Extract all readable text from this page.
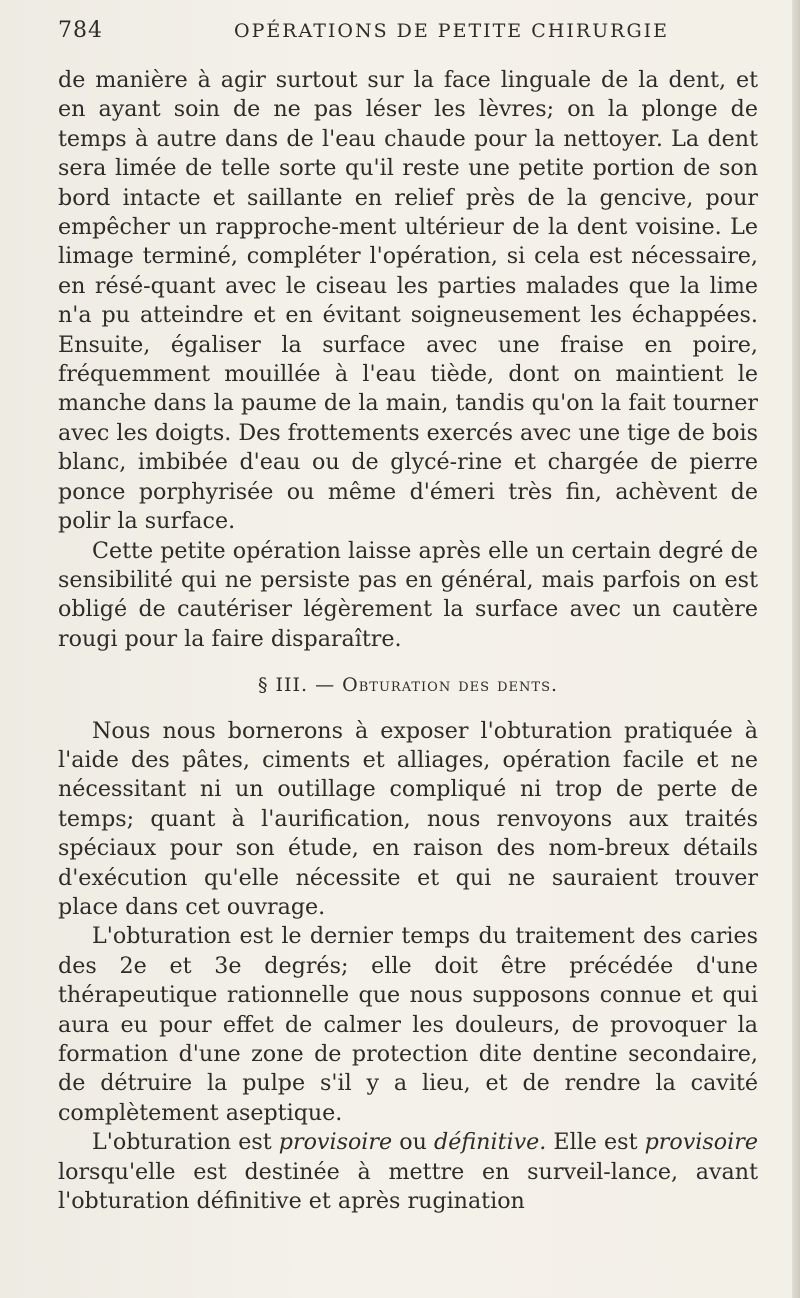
784	OPÉRATIONS DE PETITE CHIRURGIE

de manière à agir surtout sur la face linguale de la dent, et en ayant soin de ne pas léser les lèvres; on la plonge de temps à autre dans de l'eau chaude pour la nettoyer. La dent sera limée de telle sorte qu'il reste une petite portion de son bord intacte et saillante en relief près de la gencive, pour empêcher un rapproche-ment ultérieur de la dent voisine. Le limage terminé, compléter l'opération, si cela est nécessaire, en résé-quant avec le ciseau les parties malades que la lime n'a pu atteindre et en évitant soigneusement les échappées. Ensuite, égaliser la surface avec une fraise en poire, fréquemment mouillée à l'eau tiède, dont on maintient le manche dans la paume de la main, tandis qu'on la fait tourner avec les doigts. Des frottements exercés avec une tige de bois blanc, imbibée d'eau ou de glycé-rine et chargée de pierre ponce porphyrisée ou même d'émeri très fin, achèvent de polir la surface.

Cette petite opération laisse après elle un certain degré de sensibilité qui ne persiste pas en général, mais parfois on est obligé de cautériser légèrement la surface avec un cautère rougi pour la faire disparaître.

§ III. — Obturation des dents.

Nous nous bornerons à exposer l'obturation pratiquée à l'aide des pâtes, ciments et alliages, opération facile et ne nécessitant ni un outillage compliqué ni trop de perte de temps; quant à l'aurification, nous renvoyons aux traités spéciaux pour son étude, en raison des nom-breux détails d'exécution qu'elle nécessite et qui ne sauraient trouver place dans cet ouvrage.

L'obturation est le dernier temps du traitement des caries des 2e et 3e degrés; elle doit être précédée d'une thérapeutique rationnelle que nous supposons connue et qui aura eu pour effet de calmer les douleurs, de provoquer la formation d'une zone de protection dite dentine secondaire, de détruire la pulpe s'il y a lieu, et de rendre la cavité complètement aseptique.

L'obturation est provisoire ou définitive. Elle est provisoire lorsqu'elle est destinée à mettre en surveil-lance, avant l'obturation définitive et après rugination
